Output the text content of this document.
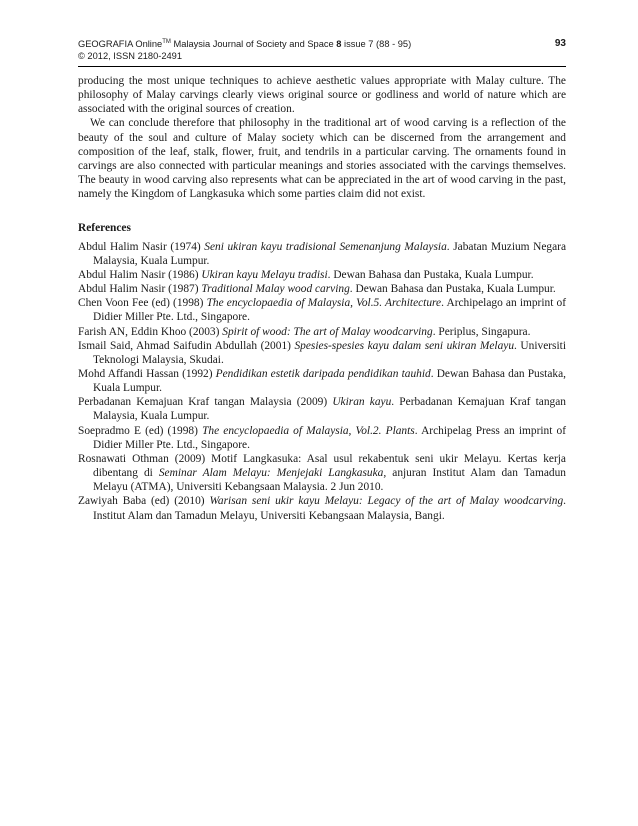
GEOGRAFIA Online™ Malaysia Journal of Society and Space 8 issue 7 (88 - 95)
© 2012, ISSN 2180-2491
93

producing the most unique techniques to achieve aesthetic values appropriate with Malay culture. The philosophy of Malay carvings clearly views original source or godliness and world of nature which are associated with the original sources of creation.

We can conclude therefore that philosophy in the traditional art of wood carving is a reflection of the beauty of the soul and culture of Malay society which can be discerned from the arrangement and composition of the leaf, stalk, flower, fruit, and tendrils in a particular carving. The ornaments found in carvings are also connected with particular meanings and stories associated with the carvings themselves. The beauty in wood carving also represents what can be appreciated in the art of wood carving in the past, namely the Kingdom of Langkasuka which some parties claim did not exist.

References

Abdul Halim Nasir (1974) Seni ukiran kayu tradisional Semenanjung Malaysia. Jabatan Muzium Negara Malaysia, Kuala Lumpur.

Abdul Halim Nasir (1986) Ukiran kayu Melayu tradisi. Dewan Bahasa dan Pustaka, Kuala Lumpur.

Abdul Halim Nasir (1987) Traditional Malay wood carving. Dewan Bahasa dan Pustaka, Kuala Lumpur.

Chen Voon Fee (ed) (1998) The encyclopaedia of Malaysia, Vol.5. Architecture. Archipelago an imprint of Didier Miller Pte. Ltd., Singapore.

Farish AN, Eddin Khoo (2003) Spirit of wood: The art of Malay woodcarving. Periplus, Singapura.

Ismail Said, Ahmad Saifudin Abdullah (2001) Spesies-spesies kayu dalam seni ukiran Melayu. Universiti Teknologi Malaysia, Skudai.

Mohd Affandi Hassan (1992) Pendidikan estetik daripada pendidikan tauhid. Dewan Bahasa dan Pustaka, Kuala Lumpur.

Perbadanan Kemajuan Kraf tangan Malaysia (2009) Ukiran kayu. Perbadanan Kemajuan Kraf tangan Malaysia, Kuala Lumpur.

Soepradmo E (ed) (1998) The encyclopaedia of Malaysia, Vol.2. Plants. Archipelag Press an imprint of Didier Miller Pte. Ltd., Singapore.

Rosnawati Othman (2009) Motif Langkasuka: Asal usul rekabentuk seni ukir Melayu. Kertas kerja dibentang di Seminar Alam Melayu: Menjejaki Langkasuka, anjuran Institut Alam dan Tamadun Melayu (ATMA), Universiti Kebangsaan Malaysia. 2 Jun 2010.

Zawiyah Baba (ed) (2010) Warisan seni ukir kayu Melayu: Legacy of the art of Malay woodcarving. Institut Alam dan Tamadun Melayu, Universiti Kebangsaan Malaysia, Bangi.
